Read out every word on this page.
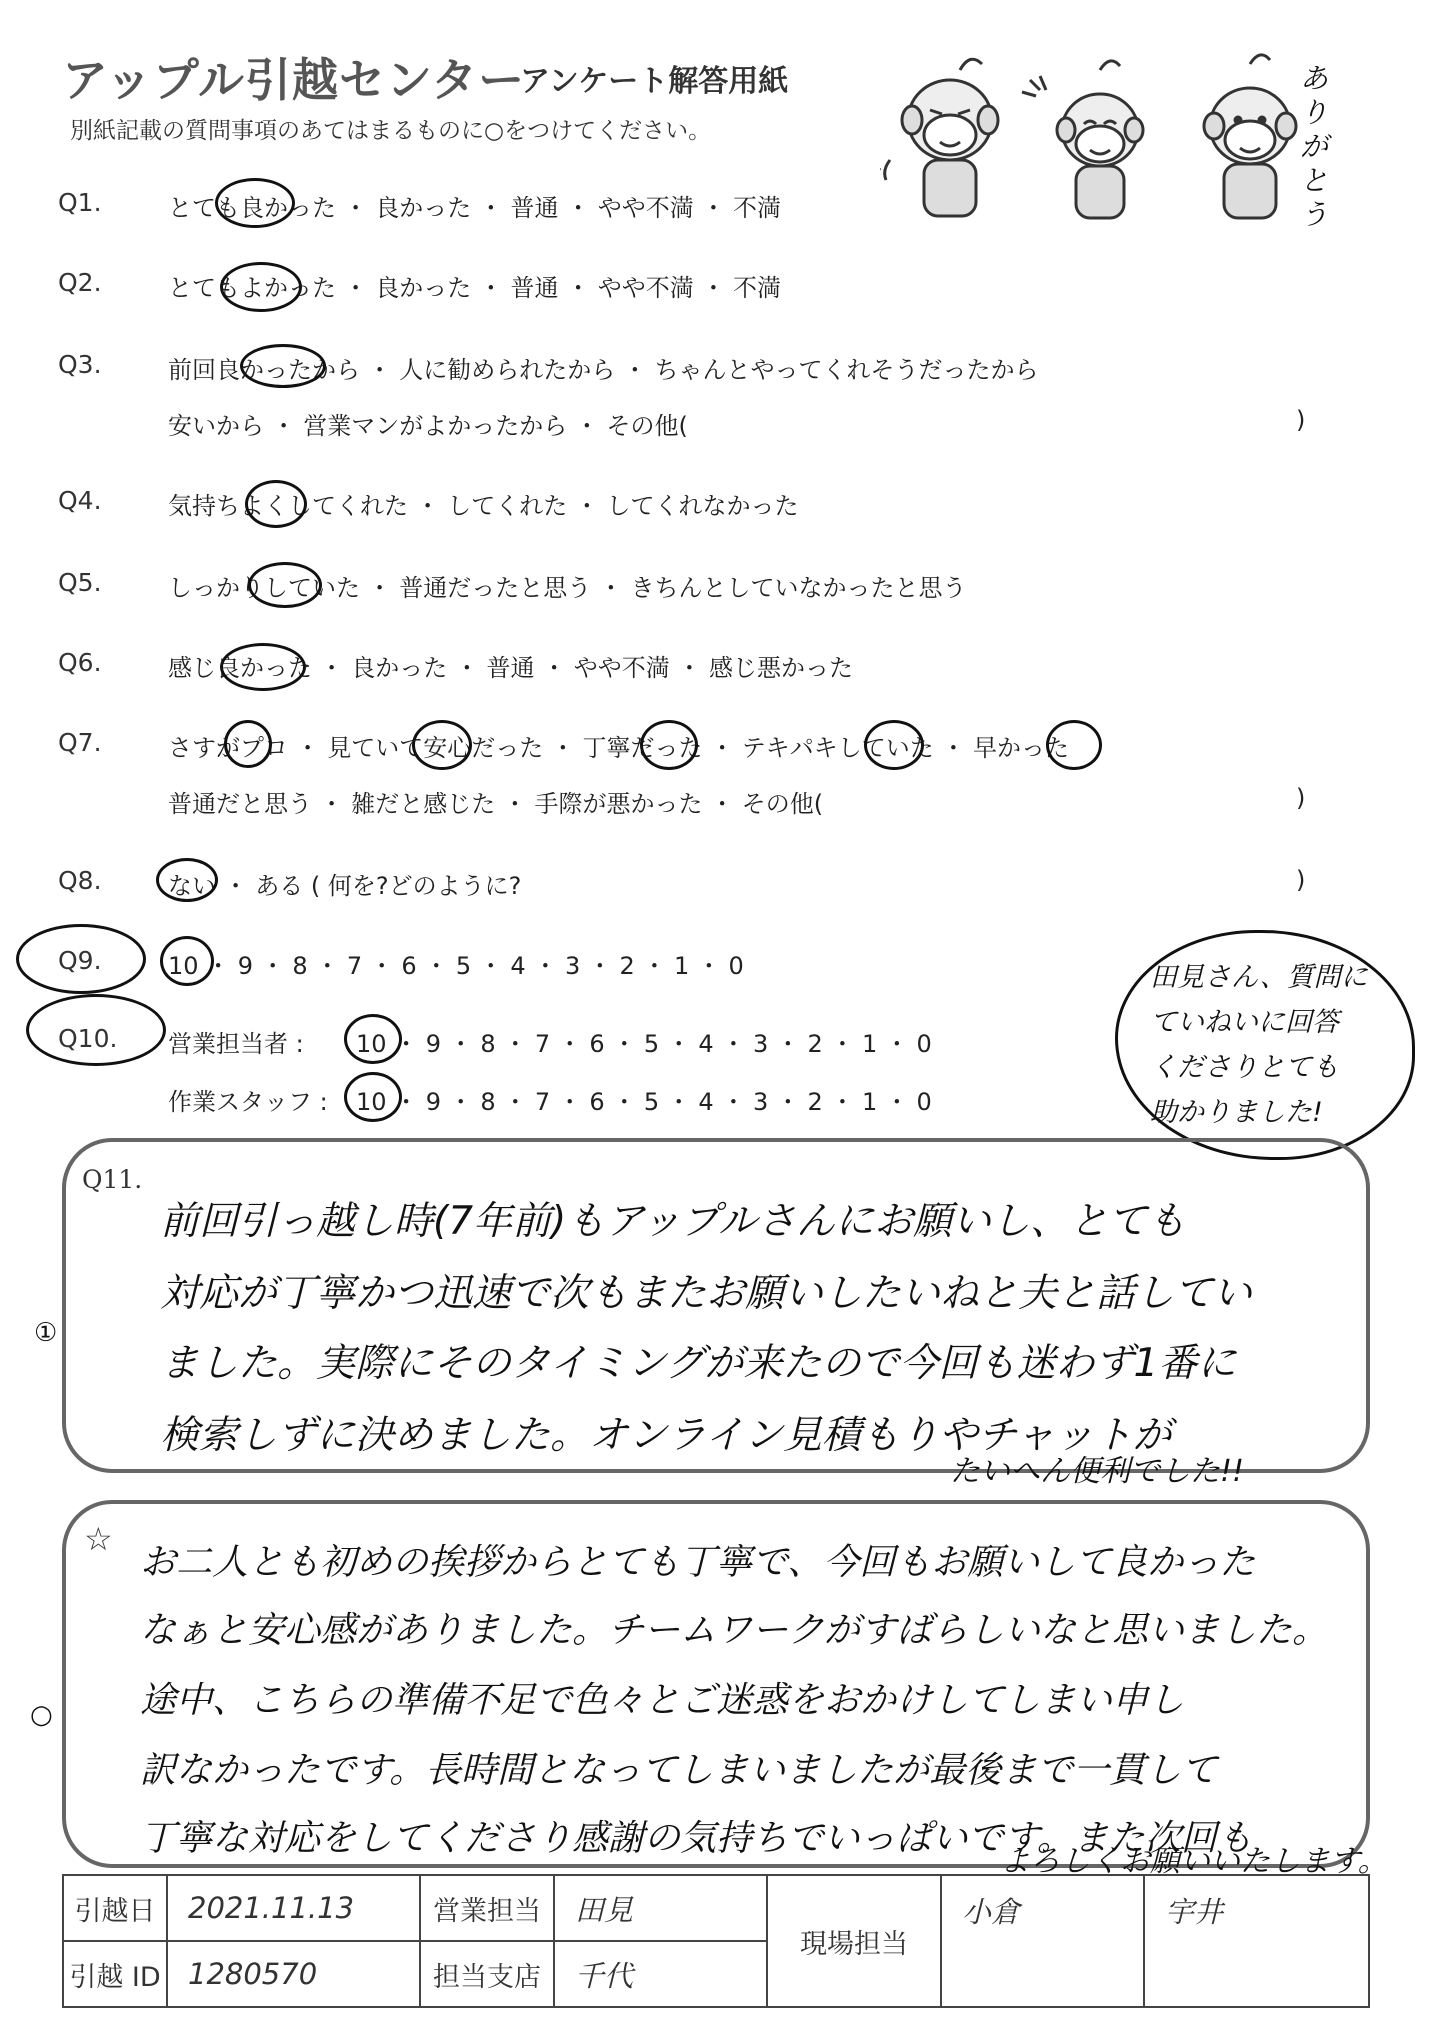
アップル引越センター
アンケート解答用紙
別紙記載の質問事項のあてはまるものに○をつけてください。
ありがとう
Q1.	とても良かった ・ 良かった ・ 普通 ・ やや不満 ・ 不満
Q2.	とてもよかった ・ 良かった ・ 普通 ・ やや不満 ・ 不満
Q3.	前回良かったから ・ 人に勧められたから ・ ちゃんとやってくれそうだったから
安いから ・ 営業マンがよかったから ・ その他(	)
Q4.	気持ちよくしてくれた ・ してくれた ・ してくれなかった
Q5.	しっかりしていた ・ 普通だったと思う ・ きちんとしていなかったと思う
Q6.	感じ良かった ・ 良かった ・ 普通 ・ やや不満 ・ 感じ悪かった
Q7.	さすがプロ ・ 見ていて安心だった ・ 丁寧だった ・ テキパキしていた ・ 早かった
普通だと思う ・ 雑だと感じた ・ 手際が悪かった ・ その他(	)
Q8.	ない ・ ある ( 何を?どのように?	)
Q9.	10 ・ 9 ・ 8 ・ 7 ・ 6 ・ 5 ・ 4 ・ 3 ・ 2 ・ 1 ・ 0
Q10. 営業担当者 : 10 ・ 9 ・ 8 ・ 7 ・ 6 ・ 5 ・ 4 ・ 3 ・ 2 ・ 1 ・ 0
作業スタッフ : 10 ・ 9 ・ 8 ・ 7 ・ 6 ・ 5 ・ 4 ・ 3 ・ 2 ・ 1 ・ 0
田見さん、質問に
ていねいに回答
くださりとても
助かりました!
Q11.
①
前回引っ越し時(7年前)もアップルさんにお願いし、とても
対応が丁寧かつ迅速で次もまたお願いしたいねと夫と話してい
ました。実際にそのタイミングが来たので今回も迷わず1番に
検索しずに決めました。オンライン見積もりやチャットが
たいへん便利でした!!
☆
○
お二人とも初めの挨拶からとても丁寧で、今回もお願いして良かった
なぁと安心感がありました。チームワークがすばらしいなと思いました。
途中、こちらの準備不足で色々とご迷惑をおかけしてしまい申し
訳なかったです。長時間となってしまいましたが最後まで一貫して
丁寧な対応をしてくださり感謝の気持ちでいっぱいです。また次回も
よろしくお願いいたします。
引越日	2021.11.13	営業担当	田見	現場担当	小倉	宇井
引越 ID	1280570	担当支店	千代			
